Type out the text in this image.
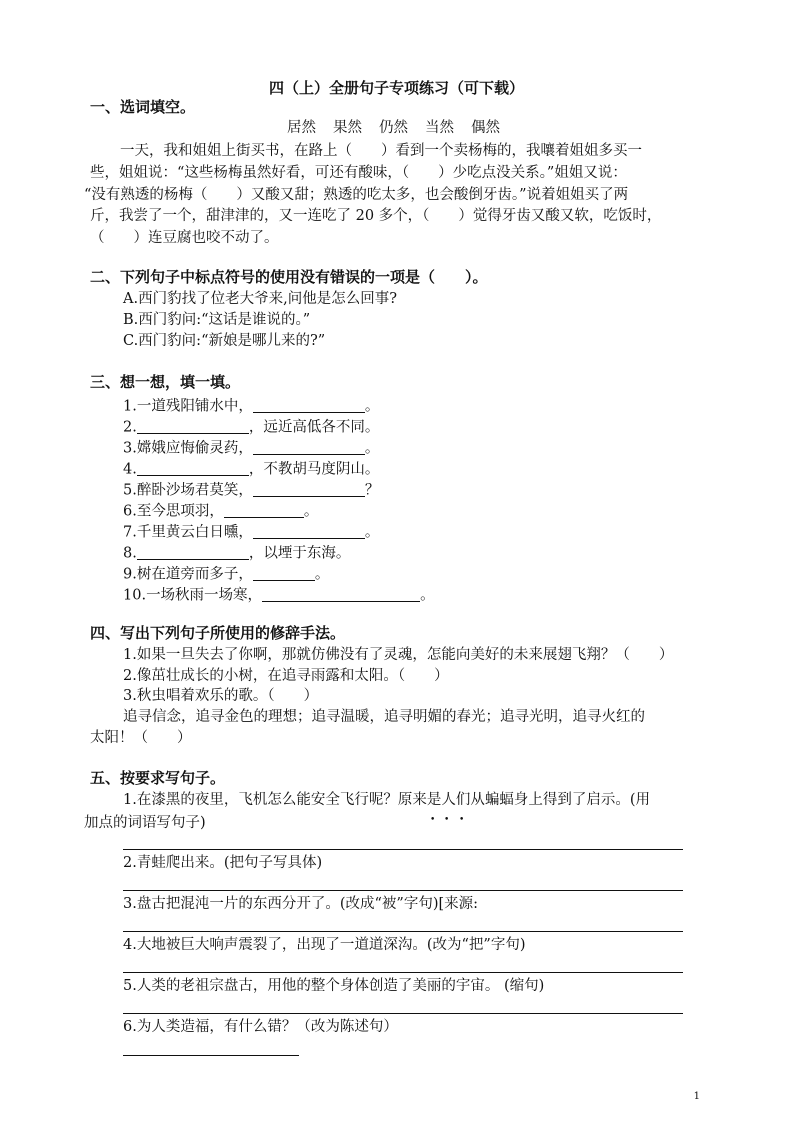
四（上）全册句子专项练习（可下载）
一、选词填空。
居然 果然 仍然 当然 偶然
一天，我和姐姐上街买书，在路上（　　）看到一个卖杨梅的，我嚷着姐姐多买一
些，姐姐说：“这些杨梅虽然好看，可还有酸味，（　　）少吃点没关系。”姐姐又说：
“没有熟透的杨梅（　　）又酸又甜；熟透的吃太多，也会酸倒牙齿。”说着姐姐买了两
斤，我尝了一个，甜津津的，又一连吃了 20 多个，（　　）觉得牙齿又酸又软，吃饭时，
（　　）连豆腐也咬不动了。
二、下列句子中标点符号的使用没有错误的一项是（　　）。
A.西门豹找了位老大爷来,问他是怎么回事?
B.西门豹问:“这话是谁说的。”
C.西门豹问:“新娘是哪儿来的?”
三、想一想，填一填。
1.一道残阳铺水中，	。
2.	，远近高低各不同。
3.嫦娥应悔偷灵药，	。
4.	，不教胡马度阴山。
5.醉卧沙场君莫笑，	？
6.至今思项羽，	。
7.千里黄云白日曛，	。
8.	，以堙于东海。
9.树在道旁而多子，	。
10.一场秋雨一场寒，	。
四、写出下列句子所使用的修辞手法。
1.如果一旦失去了你啊，那就仿佛没有了灵魂，怎能向美好的未来展翅飞翔？（　　）
2.像茁壮成长的小树，在追寻雨露和太阳。（　　）
3.秋虫唱着欢乐的歌。（　　）
追寻信念，追寻金色的理想；追寻温暖，追寻明媚的春光；追寻光明，追寻火红的
太阳！（　　）
五、按要求写句子。
1.在漆黑的夜里，飞机怎么能安全飞行呢？原来是人们从蝙蝠身上得到了启示。(用
• • •
加点的词语写句子)
2.青蛙爬出来。(把句子写具体)
3.盘古把混沌一片的东西分开了。(改成“被”字句)[来源:
4.大地被巨大响声震裂了，出现了一道道深沟。(改为“把”字句)
5.人类的老祖宗盘古，用他的整个身体创造了美丽的宇宙。 (缩句)
6.为人类造福，有什么错？（改为陈述句）
1
